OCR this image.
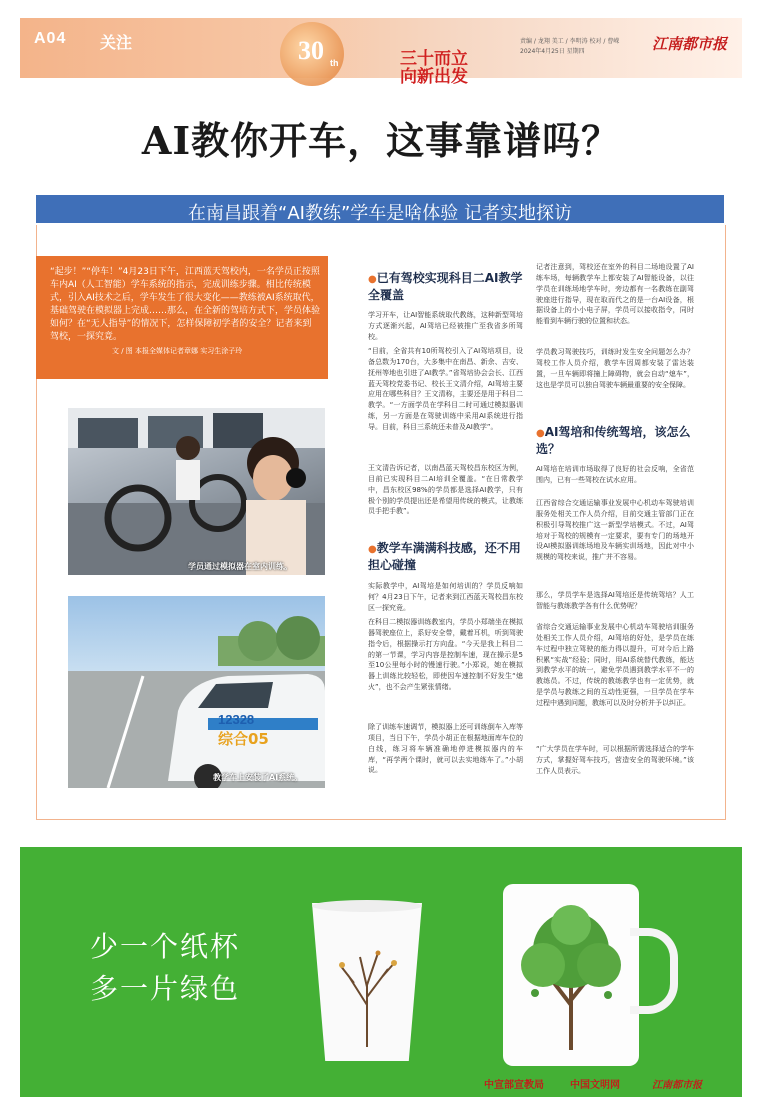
A04 关注	30 th	三十而立
向新出发
责编 / 龙翔 美工 / 李明涛 校对 / 曹嵘
2024年4月25日 星期四	江南都市报
AI教你开车，这事靠谱吗？
在南昌跟着“AI教练”学车是啥体验 记者实地探访

“起步！”“停车！”4月23日下午，江西蓝天驾校内，一名学员正按照车内AI（人工智能）学车系统的指示，完成训练步骤。相比传统模式，引入AI技术之后，学车发生了很大变化——教练被AI系统取代，基础驾驶在模拟器上完成……那么，在全新的驾培方式下，学员体验如何？在“无人指导”的情况下，怎样保障初学者的安全？记者来到驾校，一探究竟。

文 / 图 本报全媒体记者章娜 实习生涂子玲
学员通过模拟器在室内训练。
12328
综合05
教学车上安装了AI系统。
●已有驾校实现科目二AI教学全覆盖

学习开车，让AI智能系统取代教练，这种新型驾培方式逐渐兴起，AI驾培已经被推广至我省多所驾校。

“目前，全省共有10所驾校引入了AI驾培项目，设备总数为170台，大多集中在南昌、新余、吉安、抚州等地也引进了AI教学。”省驾培协会会长、江西蓝天驾校党委书记、校长王文清介绍，AI驾培主要应用在哪些科目？王文清称，主要还是用于科目二教学。“一方面学员在学科目二时可通过模拟器训练，另一方面是在驾驶训练中采用AI系统进行指导。目前，科目三系统还未普及AI教学”。

王文清告诉记者，以南昌蓝天驾校昌东校区为例，目前已实现科目二AI培训全覆盖。“在日常教学中，昌东校区98%的学员都是选择AI教学，只有极个别的学员提出还是希望用传统的模式，让教练员手把手教”。

●教学车满满科技感，还不用担心碰撞

实际教学中，AI驾培是如何培训的？学员反响如何？4月23日下午，记者来到江西蓝天驾校昌东校区一探究竟。

在科目二模拟器训练教室内，学员小郑端坐在模拟器驾驶座位上，系好安全带，戴着耳机，听到驾驶指令后，根据操示打方向盘。“今天是我上科目二的第一节课，学习内容是控制车速，现在操示是5至10公里每小时的慢速行驶。”小郑说，她在模拟器上训练比较轻松，即使因车速控制不好发生“熄火”，也不会产生紧张情绪。

除了训练车速调节，模拟器上还可训练倒车入库等项目，当日下午，学员小胡正在根据地面库车位的白线，练习将车辆准确地停进模拟器内的车库，“再学两个课时，就可以去实地练车了。”小胡说。

记者注意到，驾校还在室外的科目二场地设置了AI练车场，每辆教学车上都安装了AI智能设备，以往学员在训练场地学车时，旁边都有一名教练在副驾驶座进行指导，现在取而代之的是一台AI设备，根据设备上的小小电子屏，学员可以接收指令，同时能看到车辆行驶的位置和状态。

学员教习驾驶技巧，训练时发生安全问题怎么办？驾校工作人员介绍，教学车因周都安装了雷达装置，一旦车辆即将撞上障碍物，就会自动“熄车”，这也是学员可以独自驾驶车辆最重要的安全保障。

●AI驾培和传统驾培，该怎么选？

AI驾培在培训市场取得了良好的社会反响，全省范围内，已有一些驾校在试水应用。

江西省综合交通运输事业发展中心机动车驾驶培训服务处相关工作人员介绍，目前交通主管部门正在积极引导驾校推广这一新型学培模式。不过，AI驾培对于驾校的规模有一定要求，要有专门的场地开设AI模拟器训练场地及车辆实训场地，因此对中小规模的驾校来说，推广并不容易。

那么，学员学车是选择AI驾培还是传统驾培？人工智能与教练教学各有什么优势呢？

省综合交通运输事业发展中心机动车驾驶培训服务处相关工作人员介绍，AI驾培的好处，是学员在练车过程中独立驾驶的能力得以提升，可对今后上路积累“实战”经验；同时，用AI系统替代教练，能达到教学水平的统一，避免学员遇到教学水平不一的教练员。不过，传统的教练教学也有一定优势，就是学员与教练之间的互动性更强，一旦学员在学车过程中遇到问题，教练可以及时分析并予以纠正。

“广大学员在学车时，可以根据所需选择适合的学车方式，掌握好驾车技巧，营造安全的驾驶环境。”该工作人员表示。

少一个纸杯
多一片绿色
中宣部宣教局	中国文明网	江南都市报
